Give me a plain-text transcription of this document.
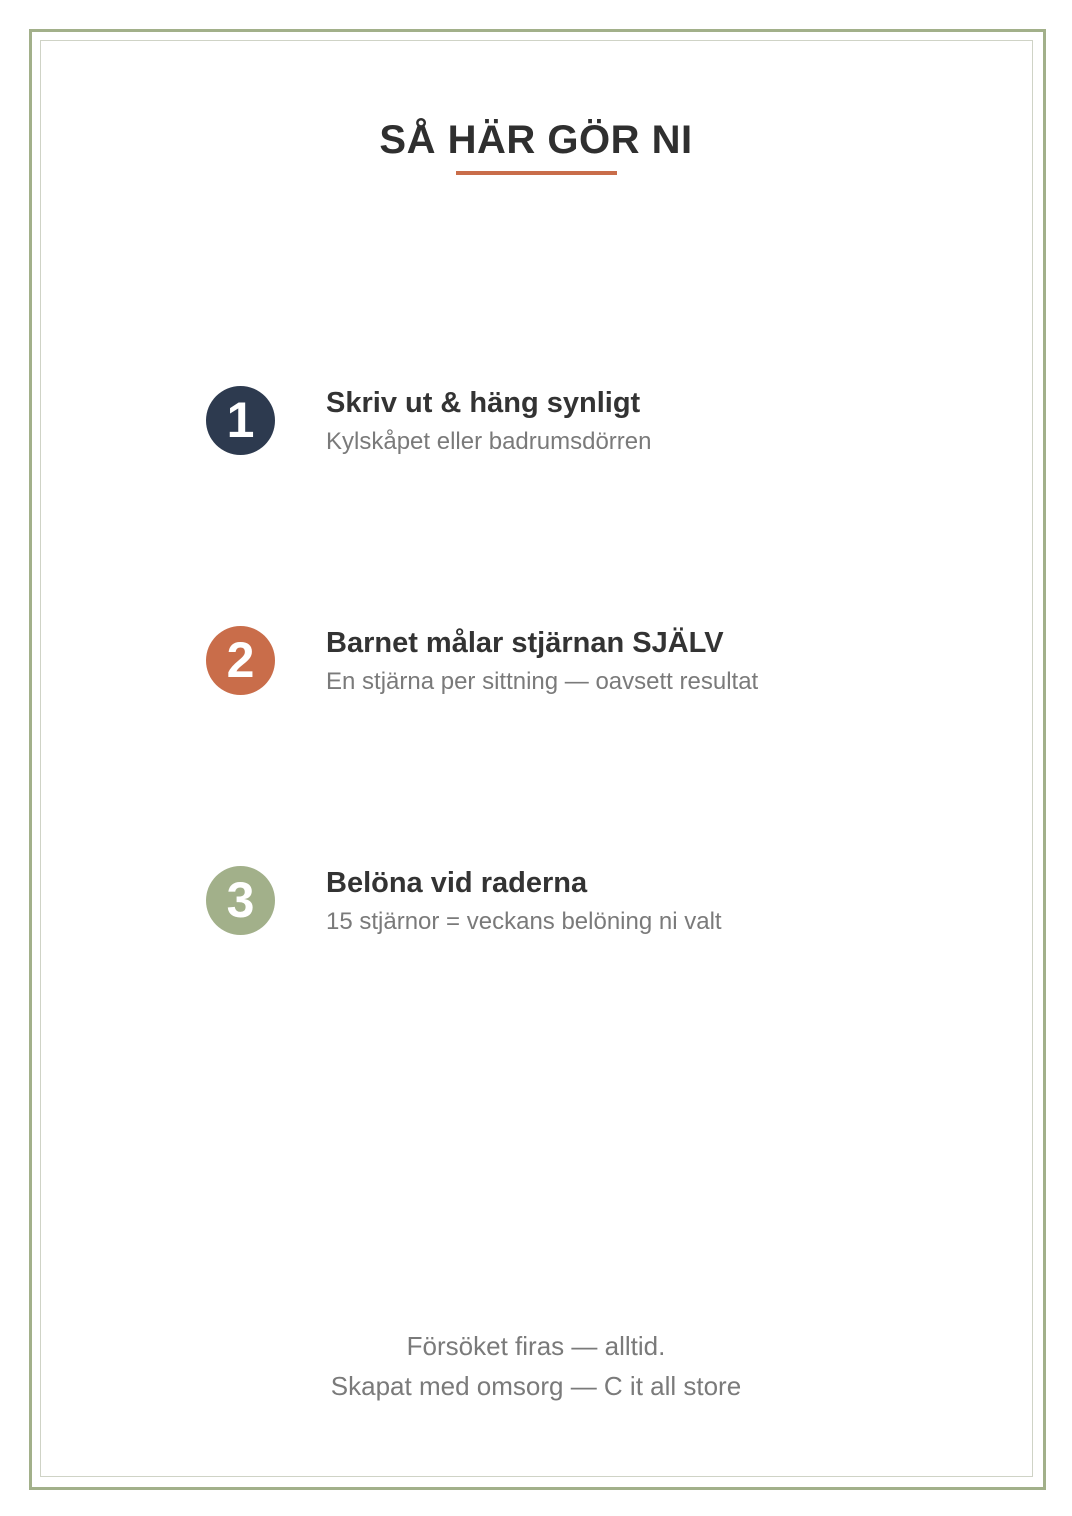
SÅ HÄR GÖR NI
1	Skriv ut & häng synligt
Kylskåpet eller badrumsdörren
2	Barnet målar stjärnan SJÄLV
En stjärna per sittning — oavsett resultat
3	Belöna vid raderna
15 stjärnor = veckans belöning ni valt
Försöket firas — alltid.
Skapat med omsorg — C it all store
